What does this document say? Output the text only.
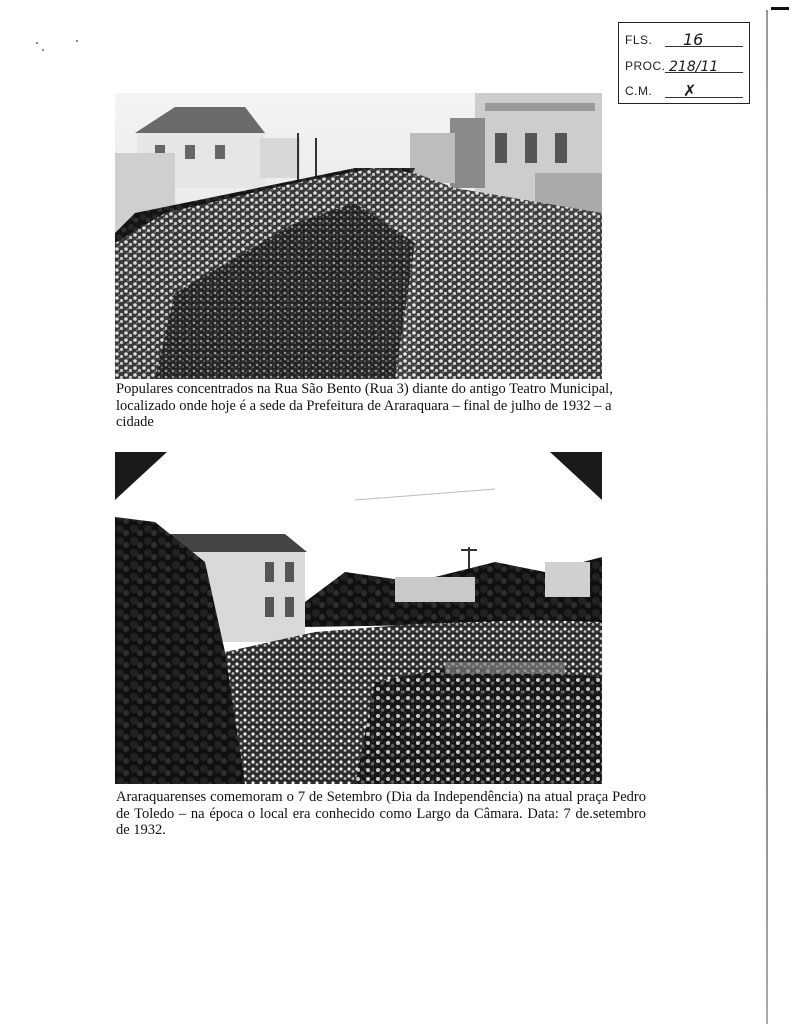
FLS. 16
PROC. 218/11
C.M. ✗
Populares concentrados na Rua São Bento (Rua 3) diante do antigo Teatro Municipal, localizado onde hoje é a sede da Prefeitura de Araraquara – final de julho de 1932 – a cidade
Araraquarenses comemoram o 7 de Setembro (Dia da Independência) na atual praça Pedro de Toledo – na época o local era conhecido como Largo da Câmara. Data: 7 de.setembro de 1932.
